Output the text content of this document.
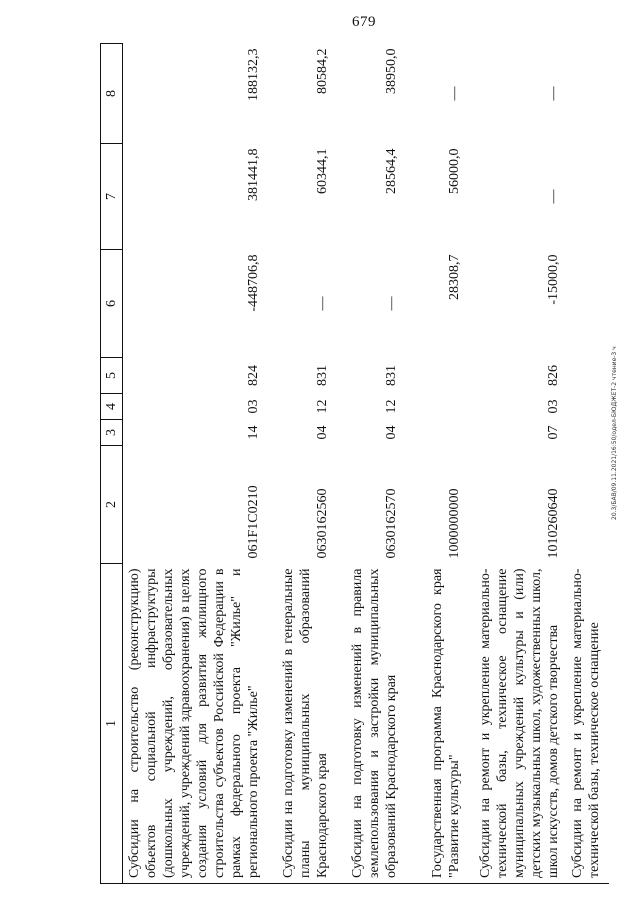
679
20.3/БАВ/09.11.2021/16:50/одел-БЮДЖЕТ-2 чтение-3 ч
1	2	3	4	5	6	7	8
Субсидии на строительство (реконструкцию) объектов социальной инфраструктуры (дошкольных учреждений, образовательных учреждений, учреждений здравоохранения) в целях создания условий для развития жилищного строительства субъектов Российской Федерации в рамках федерального проекта "Жилье" и регионального проекта "Жилье"	061F1С0210	14	03	824	-448706,8	381441,8	188132,3
Субсидии на подготовку изменений в генеральные планы муниципальных образований Краснодарского края	0630162560	04	12	831	—	60344,1	80584,2
Субсидии на подготовку изменений в правила землепользования и застройки муниципальных образований Краснодарского края	0630162570	04	12	831	—	28564,4	38950,0
Государственная программа Краснодарского края "Развитие культуры"	1000000000				28308,7	56000,0	—
Субсидии на ремонт и укрепление материально-технической базы, техническое оснащение муниципальных учреждений культуры и (или) детских музыкальных школ, художественных школ, школ искусств, домов детского творчества	1010260640	07	03	826	-15000,0	—	—
Субсидии на ремонт и укрепление материально-технической базы, техническое оснащение							
